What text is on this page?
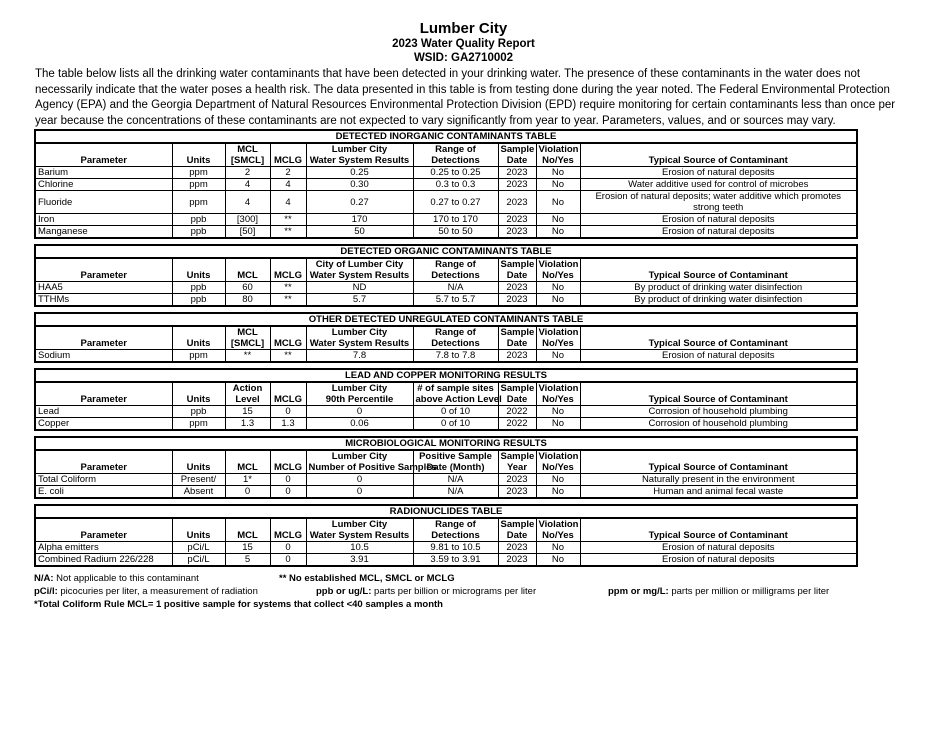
Lumber City
2023 Water Quality Report
WSID: GA2710002
The table below lists all the drinking water contaminants that have been detected in your drinking water. The presence of these contaminants in the water does not necessarily indicate that the water poses a health risk. The data presented in this table is from testing done during the year noted. The Federal Environmental Protection Agency (EPA) and the Georgia Department of Natural Resources Environmental Protection Division (EPD) require monitoring for certain contaminants less than once per year because the concentrations of these contaminants are not expected to vary significantly from year to year. Parameters, values, and or sources may vary.
DETECTED INORGANIC CONTAMINANTS TABLE								
		MCL		Lumber City	Range of	Sample	Violation	
Parameter	Units	[SMCL]	MCLG	Water System Results	Detections	Date	No/Yes	Typical Source of Contaminant
Barium	ppm	2	2	0.25	0.25 to 0.25	2023	No	Erosion of natural deposits
Chlorine	ppm	4	4	0.30	0.3 to 0.3	2023	No	Water additive used for control of microbes
Fluoride	ppm	4	4	0.27	0.27 to 0.27	2023	No	Erosion of natural deposits; water additive which promotes strong teeth
Iron	ppb	[300]	**	170	170 to 170	2023	No	Erosion of natural deposits
Manganese	ppb	[50]	**	50	50 to 50	2023	No	Erosion of natural deposits
DETECTED ORGANIC CONTAMINANTS TABLE								
				City of Lumber City	Range of	Sample	Violation	
Parameter	Units	MCL	MCLG	Water System Results	Detections	Date	No/Yes	Typical Source of Contaminant
HAA5	ppb	60	**	ND	N/A	2023	No	By product of drinking water disinfection
TTHMs	ppb	80	**	5.7	5.7 to 5.7	2023	No	By product of drinking water disinfection
OTHER DETECTED UNREGULATED CONTAMINANTS TABLE								
		MCL		Lumber City	Range of	Sample	Violation	
Parameter	Units	[SMCL]	MCLG	Water System Results	Detections	Date	No/Yes	Typical Source of Contaminant
Sodium	ppm	**	**	7.8	7.8 to 7.8	2023	No	Erosion of natural deposits
LEAD AND COPPER MONITORING RESULTS								
		Action		Lumber City	# of sample sites	Sample	Violation	
Parameter	Units	Level	MCLG	90th Percentile	above Action Level	Date	No/Yes	Typical Source of Contaminant
Lead	ppb	15	0	0	0 of 10	2022	No	Corrosion of household plumbing
Copper	ppm	1.3	1.3	0.06	0 of 10	2022	No	Corrosion of household plumbing
MICROBIOLOGICAL MONITORING RESULTS								
				Lumber City	Positive Sample	Sample	Violation	
Parameter	Units	MCL	MCLG	Number of Positive Samples	Date (Month)	Year	No/Yes	Typical Source of Contaminant
Total Coliform	Present/	1*	0	0	N/A	2023	No	Naturally present in the environment
E. coli	Absent	0	0	0	N/A	2023	No	Human and animal fecal waste
RADIONUCLIDES TABLE								
				Lumber City	Range of	Sample	Violation	
Parameter	Units	MCL	MCLG	Water System Results	Detections	Date	No/Yes	Typical Source of Contaminant
Alpha emitters	pCi/L	15	0	10.5	9.81 to 10.5	2023	No	Erosion of natural deposits
Combined Radium 226/228	pCi/L	5	0	3.91	3.59 to 3.91	2023	No	Erosion of natural deposits
N/A: Not applicable to this contaminant	** No established MCL, SMCL or MCLG
pCi/l: picocuries per liter, a measurement of radiation	ppb or ug/L: parts per billion or micrograms per liter	ppm or mg/L: parts per million or milligrams per liter
*Total Coliform Rule MCL= 1 positive sample for systems that collect <40 samples a month
